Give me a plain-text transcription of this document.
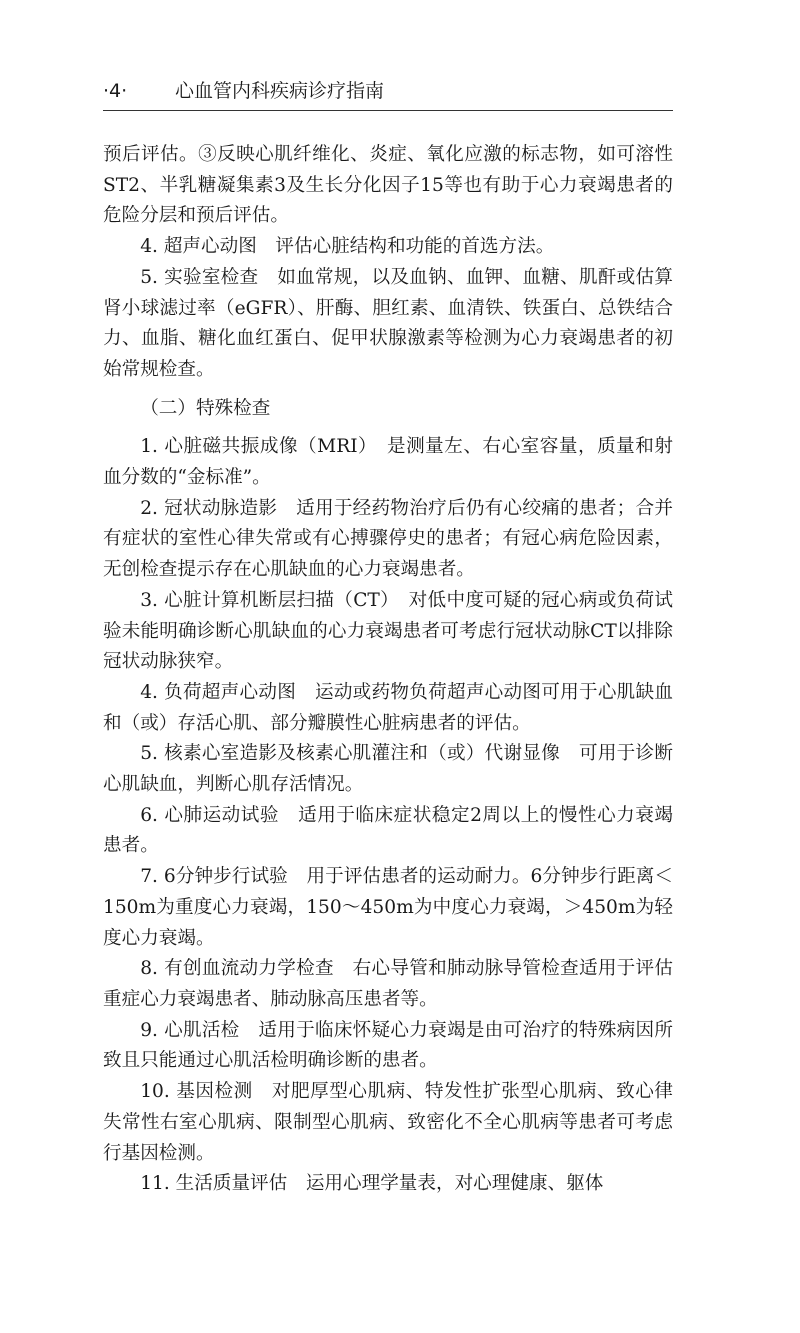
·4·	心血管内科疾病诊疗指南

预后评估。③反映心肌纤维化、炎症、氧化应激的标志物，如可溶性ST2、半乳糖凝集素3及生长分化因子15等也有助于心力衰竭患者的危险分层和预后评估。

4. 超声心动图　评估心脏结构和功能的首选方法。

5. 实验室检查　如血常规，以及血钠、血钾、血糖、肌酐或估算肾小球滤过率（eGFR）、肝酶、胆红素、血清铁、铁蛋白、总铁结合力、血脂、糖化血红蛋白、促甲状腺激素等检测为心力衰竭患者的初始常规检查。

（二）特殊检查

1. 心脏磁共振成像（MRI）　是测量左、右心室容量，质量和射血分数的“金标准”。

2. 冠状动脉造影　适用于经药物治疗后仍有心绞痛的患者；合并有症状的室性心律失常或有心搏骤停史的患者；有冠心病危险因素，无创检查提示存在心肌缺血的心力衰竭患者。

3. 心脏计算机断层扫描（CT）　对低中度可疑的冠心病或负荷试验未能明确诊断心肌缺血的心力衰竭患者可考虑行冠状动脉CT以排除冠状动脉狭窄。

4. 负荷超声心动图　运动或药物负荷超声心动图可用于心肌缺血和（或）存活心肌、部分瓣膜性心脏病患者的评估。

5. 核素心室造影及核素心肌灌注和（或）代谢显像　可用于诊断心肌缺血，判断心肌存活情况。

6. 心肺运动试验　适用于临床症状稳定2周以上的慢性心力衰竭患者。

7. 6分钟步行试验　用于评估患者的运动耐力。6分钟步行距离＜150m为重度心力衰竭，150～450m为中度心力衰竭，＞450m为轻度心力衰竭。

8. 有创血流动力学检查　右心导管和肺动脉导管检查适用于评估重症心力衰竭患者、肺动脉高压患者等。

9. 心肌活检　适用于临床怀疑心力衰竭是由可治疗的特殊病因所致且只能通过心肌活检明确诊断的患者。

10. 基因检测　对肥厚型心肌病、特发性扩张型心肌病、致心律失常性右室心肌病、限制型心肌病、致密化不全心肌病等患者可考虑行基因检测。

11. 生活质量评估　运用心理学量表，对心理健康、躯体
